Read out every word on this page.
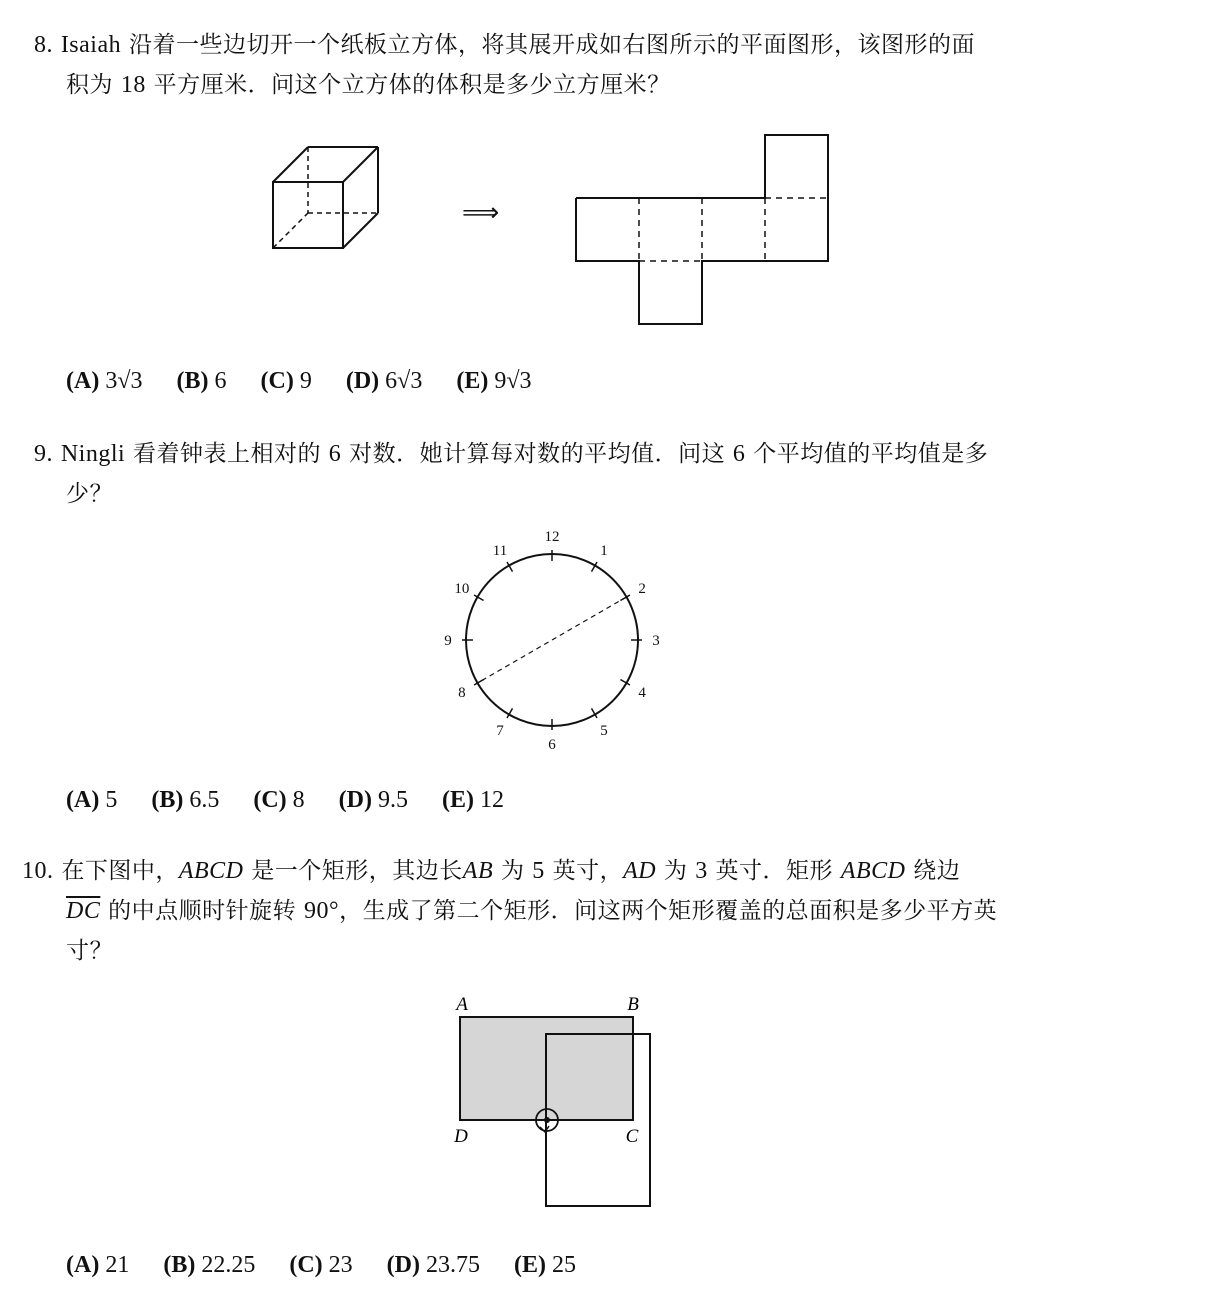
8. Isaiah 沿着一些边切开一个纸板立方体，将其展开成如右图所示的平面图形，该图形的面
积为 18 平方厘米．问这个立方体的体积是多少立方厘米？
⟹
(A) 3√3 (B) 6 (C) 9 (D) 6√3 (E) 9√3
9. Ningli 看着钟表上相对的 6 对数．她计算每对数的平均值．问这 6 个平均值的平均值是多
少？
12
1
2
3
4
5
6
7
8
9
10
11
(A) 5 (B) 6.5 (C) 8 (D) 9.5 (E) 12
10. 在下图中，ABCD 是一个矩形，其边长AB 为 5 英寸，AD 为 3 英寸．矩形 ABCD 绕边
$\overline{DC}$ 的中点顺时针旋转 90°，生成了第二个矩形．问这两个矩形覆盖的总面积是多少平方英
寸？
A	B
D	C
(A) 21 (B) 22.25 (C) 23 (D) 23.75 (E) 25
